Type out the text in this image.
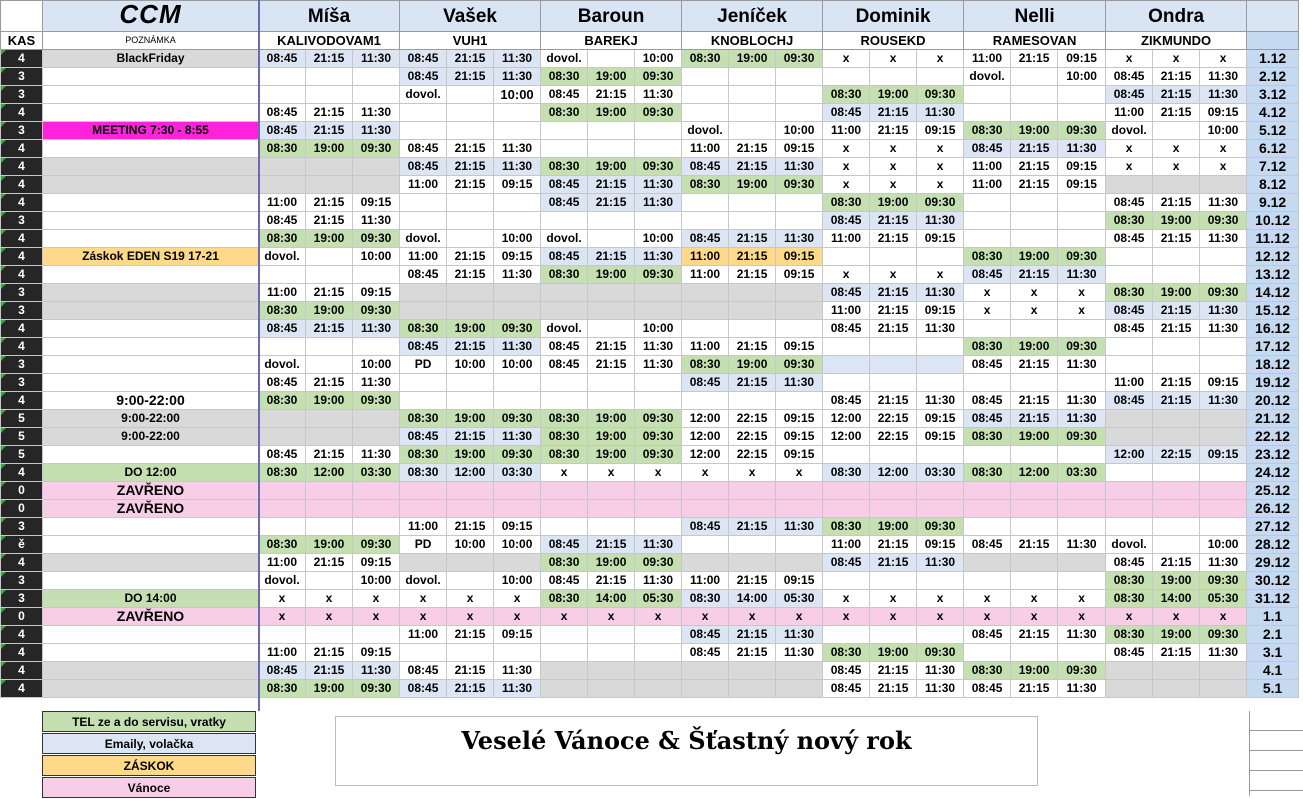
	CCM	Míša			Vašek			Baroun			Jeníček			Dominik			Nelli			Ondra			
KAS	POZNÁMKA	KALIVODOVAM1			VUH1			BAREKJ			KNOBLOCHJ			ROUSEKD			RAMESOVAN			ZIKMUNDO			
4	BlackFriday	08:45	21:15	11:30	08:45	21:15	11:30	dovol.		10:00	08:30	19:00	09:30	x	x	x	11:00	21:15	09:15	x	x	x	1.12
3					08:45	21:15	11:30	08:30	19:00	09:30							dovol.		10:00	08:45	21:15	11:30	2.12
3					dovol.		10:00	08:45	21:15	11:30				08:30	19:00	09:30				08:45	21:15	11:30	3.12
4		08:45	21:15	11:30				08:30	19:00	09:30				08:45	21:15	11:30				11:00	21:15	09:15	4.12
3	MEETING 7:30 - 8:55	08:45	21:15	11:30							dovol.		10:00	11:00	21:15	09:15	08:30	19:00	09:30	dovol.		10:00	5.12
4		08:30	19:00	09:30	08:45	21:15	11:30				11:00	21:15	09:15	x	x	x	08:45	21:15	11:30	x	x	x	6.12
4					08:45	21:15	11:30	08:30	19:00	09:30	08:45	21:15	11:30	x	x	x	11:00	21:15	09:15	x	x	x	7.12
4					11:00	21:15	09:15	08:45	21:15	11:30	08:30	19:00	09:30	x	x	x	11:00	21:15	09:15				8.12
4		11:00	21:15	09:15				08:45	21:15	11:30				08:30	19:00	09:30				08:45	21:15	11:30	9.12
3		08:45	21:15	11:30										08:45	21:15	11:30				08:30	19:00	09:30	10.12
4		08:30	19:00	09:30	dovol.		10:00	dovol.		10:00	08:45	21:15	11:30	11:00	21:15	09:15				08:45	21:15	11:30	11.12
4	Záskok EDEN S19 17-21	dovol.		10:00	11:00	21:15	09:15	08:45	21:15	11:30	11:00	21:15	09:15				08:30	19:00	09:30				12.12
4					08:45	21:15	11:30	08:30	19:00	09:30	11:00	21:15	09:15	x	x	x	08:45	21:15	11:30				13.12
3		11:00	21:15	09:15										08:45	21:15	11:30	x	x	x	08:30	19:00	09:30	14.12
3		08:30	19:00	09:30										11:00	21:15	09:15	x	x	x	08:45	21:15	11:30	15.12
4		08:45	21:15	11:30	08:30	19:00	09:30	dovol.		10:00				08:45	21:15	11:30				08:45	21:15	11:30	16.12
4					08:45	21:15	11:30	08:45	21:15	11:30	11:00	21:15	09:15				08:30	19:00	09:30				17.12
3		dovol.		10:00	PD	10:00	10:00	08:45	21:15	11:30	08:30	19:00	09:30				08:45	21:15	11:30				18.12
3		08:45	21:15	11:30							08:45	21:15	11:30							11:00	21:15	09:15	19.12
4	9:00-22:00	08:30	19:00	09:30										08:45	21:15	11:30	08:45	21:15	11:30	08:45	21:15	11:30	20.12
5	9:00-22:00				08:30	19:00	09:30	08:30	19:00	09:30	12:00	22:15	09:15	12:00	22:15	09:15	08:45	21:15	11:30				21.12
5	9:00-22:00				08:45	21:15	11:30	08:30	19:00	09:30	12:00	22:15	09:15	12:00	22:15	09:15	08:30	19:00	09:30				22.12
5		08:45	21:15	11:30	08:30	19:00	09:30	08:30	19:00	09:30	12:00	22:15	09:15							12:00	22:15	09:15	23.12
4	DO 12:00	08:30	12:00	03:30	08:30	12:00	03:30	x	x	x	x	x	x	08:30	12:00	03:30	08:30	12:00	03:30				24.12
0	ZAVŘENO																						25.12
0	ZAVŘENO																						26.12
3					11:00	21:15	09:15				08:45	21:15	11:30	08:30	19:00	09:30							27.12
ě		08:30	19:00	09:30	PD	10:00	10:00	08:45	21:15	11:30				11:00	21:15	09:15	08:45	21:15	11:30	dovol.		10:00	28.12
4		11:00	21:15	09:15				08:30	19:00	09:30				08:45	21:15	11:30				08:45	21:15	11:30	29.12
3		dovol.		10:00	dovol.		10:00	08:45	21:15	11:30	11:00	21:15	09:15							08:30	19:00	09:30	30.12
3	DO 14:00	x	x	x	x	x	x	08:30	14:00	05:30	08:30	14:00	05:30	x	x	x	x	x	x	08:30	14:00	05:30	31.12
0	ZAVŘENO	x	x	x	x	x	x	x	x	x	x	x	x	x	x	x	x	x	x	x	x	x	1.1
4					11:00	21:15	09:15				08:45	21:15	11:30				08:45	21:15	11:30	08:30	19:00	09:30	2.1
4		11:00	21:15	09:15							08:45	21:15	11:30	08:30	19:00	09:30				08:45	21:15	11:30	3.1
4		08:45	21:15	11:30	08:45	21:15	11:30							08:45	21:15	11:30	08:30	19:00	09:30				4.1
4		08:30	19:00	09:30	08:45	21:15	11:30							08:45	21:15	11:30	08:45	21:15	11:30				5.1
TEL ze a do servisu, vratky
Emaily, volačka
ZÁSKOK
Vánoce
Veselé Vánoce & Šťastný nový rok
